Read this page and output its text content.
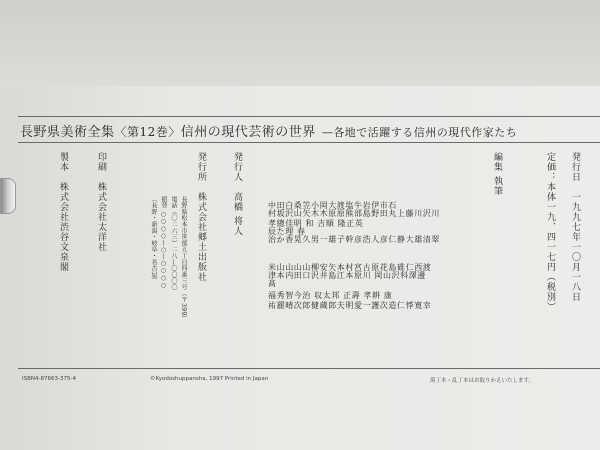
長野県美術全集〈第12巻〉信州の現代芸術の世界 —各地で活躍する信州の現代作家たち
発行日　一九九七年一〇月一八日
定価：本体一九、四一七円（税別）
編集 執筆
中田白桑笠小岡大渡塩牛岩伊市石
村坂沢山矢木木原原熊部島野田丸上藤川沢川
孝總佳明 和 吉順 隆正英
辰た理 春
治か香晃久男一雄子幹彦浩人彦仁静大雄清翠
米山山山山柳安矢本村宮古原花島碓仁西渡
津本内田口沢井島江本原川 岡山沢科澤邊
髙
福秀智今治 収太邦 正壽 孝耕 康
祐麗晴次郎健蔵郎夫明愛一護次造仁悸寛幸
発行人　高橋 将人
発行所　株式会社郷土出版社
長野県松本市笹部五丁目四番三号（〒399）
電話（〇二六三）二八—〇〇〇〇
振替 ○○○○—○—○○○○
〔長野・新潟・岐阜・名古屋〕
印刷　株式会社太洋社
製本　株式会社渋谷文泉閣
ISBN4-87663-375-4	©Kyodoshuppansha, 1997 Printed in Japan	落丁本・乱丁本はお取りかえいたします。
